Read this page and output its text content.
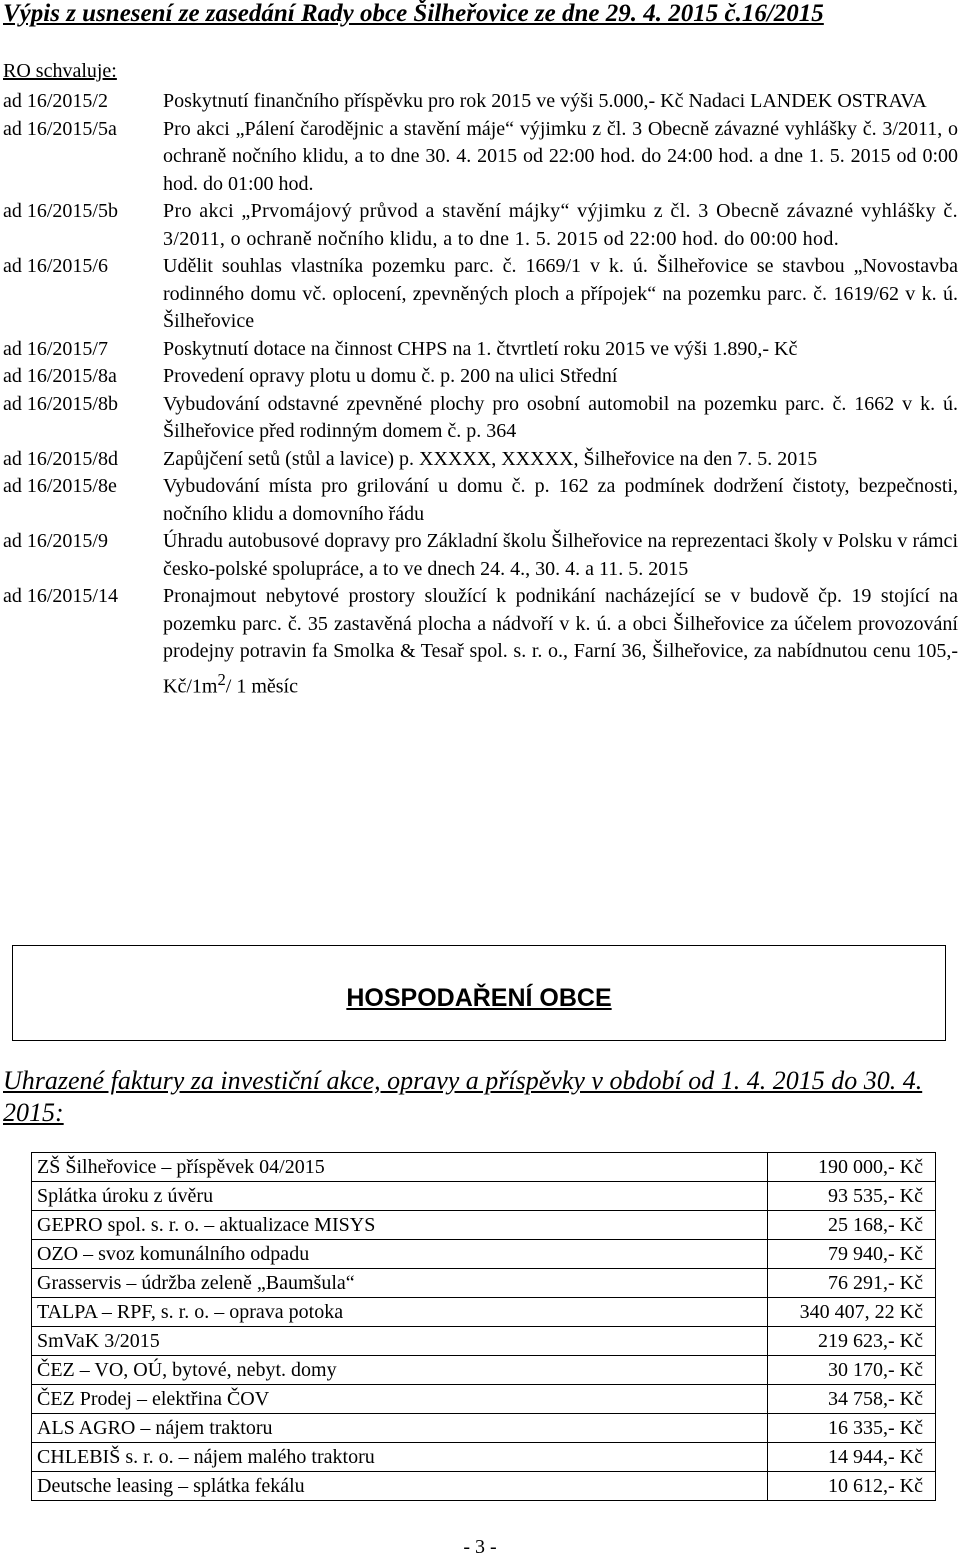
Výpis z usnesení ze zasedání Rady obce Šilheřovice ze dne 29. 4. 2015 č.16/2015
RO schvaluje:
ad 16/2015/2	Poskytnutí finančního příspěvku pro rok 2015 ve výši 5.000,- Kč Nadaci LANDEK OSTRAVA
ad 16/2015/5a	Pro akci „Pálení čarodějnic a stavění máje“ výjimku z čl. 3 Obecně závazné vyhlášky č. 3/2011, o ochraně nočního klidu, a to dne 30. 4. 2015 od 22:00 hod. do 24:00 hod. a dne 1. 5. 2015 od 0:00 hod. do 01:00 hod.
ad 16/2015/5b	Pro akci „Prvomájový průvod a stavění májky“ výjimku z čl. 3 Obecně závazné vyhlášky č. 3/2011, o ochraně nočního klidu, a to dne 1. 5. 2015 od 22:00 hod. do 00:00 hod.
ad 16/2015/6	Udělit souhlas vlastníka pozemku parc. č. 1669/1 v k. ú. Šilheřovice se stavbou „Novostavba rodinného domu vč. oplocení, zpevněných ploch a přípojek“ na pozemku parc. č. 1619/62 v k. ú. Šilheřovice
ad 16/2015/7	Poskytnutí dotace na činnost CHPS na 1. čtvrtletí roku 2015 ve výši 1.890,- Kč
ad 16/2015/8a	Provedení opravy plotu u domu č. p. 200 na ulici Střední
ad 16/2015/8b	Vybudování odstavné zpevněné plochy pro osobní automobil na pozemku parc. č. 1662 v k. ú. Šilheřovice před rodinným domem č. p. 364
ad 16/2015/8d	Zapůjčení setů (stůl a lavice) p. XXXXX, XXXXX, Šilheřovice na den 7. 5. 2015
ad 16/2015/8e	Vybudování místa pro grilování u domu č. p. 162 za podmínek dodržení čistoty, bezpečnosti, nočního klidu a domovního řádu
ad 16/2015/9	Úhradu autobusové dopravy pro Základní školu Šilheřovice na reprezentaci školy v Polsku v rámci česko-polské spolupráce, a to ve dnech 24. 4., 30. 4. a 11. 5. 2015
ad 16/2015/14	Pronajmout nebytové prostory sloužící k podnikání nacházející se v budově čp. 19 stojící na pozemku parc. č. 35 zastavěná plocha a nádvoří v k. ú. a obci Šilheřovice za účelem provozování prodejny potravin fa Smolka & Tesař spol. s. r. o., Farní 36, Šilheřovice, za nabídnutou cenu 105,- $Kč/1m^2/$ 1 měsíc
HOSPODAŘENÍ OBCE

Uhrazené faktury za investiční akce, opravy a příspěvky v období od 1. 4. 2015 do 30. 4. 2015:

ZŠ Šilheřovice – příspěvek 04/2015	190 000,- Kč
Splátka úroku z úvěru	93 535,- Kč
GEPRO spol. s. r. o. – aktualizace MISYS	25 168,- Kč
OZO – svoz komunálního odpadu	79 940,- Kč
Grasservis – údržba zeleně „Baumšula“	76 291,- Kč
TALPA – RPF, s. r. o. – oprava potoka	340 407, 22 Kč
SmVaK 3/2015	219 623,- Kč
ČEZ – VO, OÚ, bytové, nebyt. domy	30 170,- Kč
ČEZ Prodej – elektřina ČOV	34 758,- Kč
ALS AGRO – nájem traktoru	16 335,- Kč
CHLEBIŠ s. r. o. – nájem malého traktoru	14 944,- Kč
Deutsche leasing – splátka fekálu	10 612,- Kč
- 3 -
